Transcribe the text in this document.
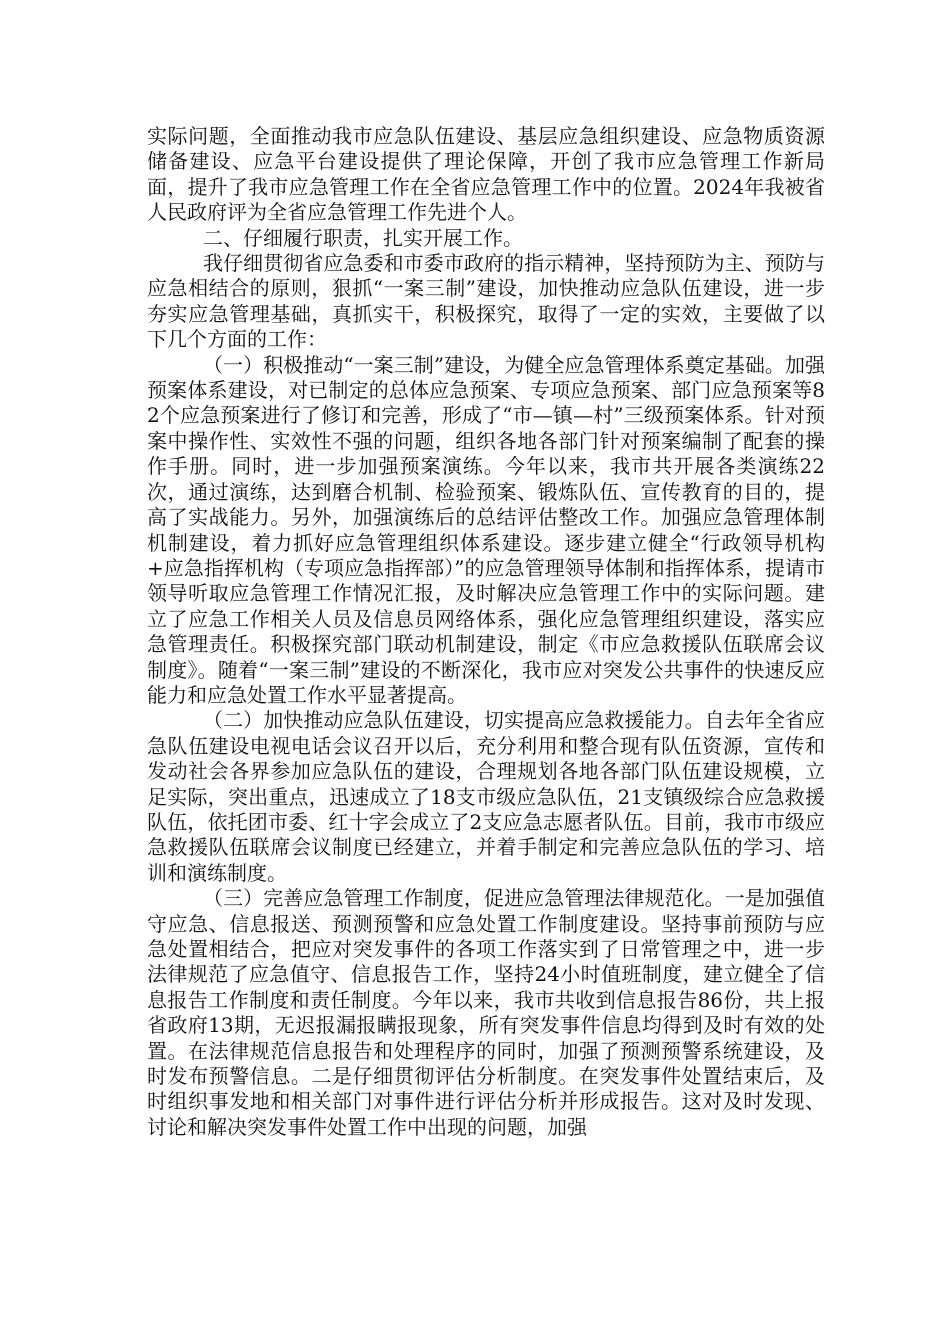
实际问题，全面推动我市应急队伍建设、基层应急组织建设、应急物质资源储备建设、应急平台建设提供了理论保障，开创了我市应急管理工作新局面，提升了我市应急管理工作在全省应急管理工作中的位置。2024年我被省人民政府评为全省应急管理工作先进个人。

二、仔细履行职责，扎实开展工作。

我仔细贯彻省应急委和市委市政府的指示精神，坚持预防为主、预防与应急相结合的原则，狠抓“一案三制”建设，加快推动应急队伍建设，进一步夯实应急管理基础，真抓实干，积极探究，取得了一定的实效，主要做了以下几个方面的工作：

（一）积极推动“一案三制”建设，为健全应急管理体系奠定基础。加强预案体系建设，对已制定的总体应急预案、专项应急预案、部门应急预案等82个应急预案进行了修订和完善，形成了“市—镇—村”三级预案体系。针对预案中操作性、实效性不强的问题，组织各地各部门针对预案编制了配套的操作手册。同时，进一步加强预案演练。今年以来，我市共开展各类演练22次，通过演练，达到磨合机制、检验预案、锻炼队伍、宣传教育的目的，提高了实战能力。另外，加强演练后的总结评估整改工作。加强应急管理体制机制建设，着力抓好应急管理组织体系建设。逐步建立健全“行政领导机构+应急指挥机构（专项应急指挥部）”的应急管理领导体制和指挥体系，提请市领导听取应急管理工作情况汇报，及时解决应急管理工作中的实际问题。建立了应急工作相关人员及信息员网络体系，强化应急管理组织建设，落实应急管理责任。积极探究部门联动机制建设，制定《市应急救援队伍联席会议制度》。随着“一案三制”建设的不断深化，我市应对突发公共事件的快速反应能力和应急处置工作水平显著提高。

（二）加快推动应急队伍建设，切实提高应急救援能力。自去年全省应急队伍建设电视电话会议召开以后，充分利用和整合现有队伍资源，宣传和发动社会各界参加应急队伍的建设，合理规划各地各部门队伍建设规模，立足实际，突出重点，迅速成立了18支市级应急队伍，21支镇级综合应急救援队伍，依托团市委、红十字会成立了2支应急志愿者队伍。目前，我市市级应急救援队伍联席会议制度已经建立，并着手制定和完善应急队伍的学习、培训和演练制度。

（三）完善应急管理工作制度，促进应急管理法律规范化。一是加强值守应急、信息报送、预测预警和应急处置工作制度建设。坚持事前预防与应急处置相结合，把应对突发事件的各项工作落实到了日常管理之中，进一步法律规范了应急值守、信息报告工作，坚持24小时值班制度，建立健全了信息报告工作制度和责任制度。今年以来，我市共收到信息报告86份，共上报省政府13期，无迟报漏报瞒报现象，所有突发事件信息均得到及时有效的处置。在法律规范信息报告和处理程序的同时，加强了预测预警系统建设，及时发布预警信息。二是仔细贯彻评估分析制度。在突发事件处置结束后，及时组织事发地和相关部门对事件进行评估分析并形成报告。这对及时发现、讨论和解决突发事件处置工作中出现的问题，加强
